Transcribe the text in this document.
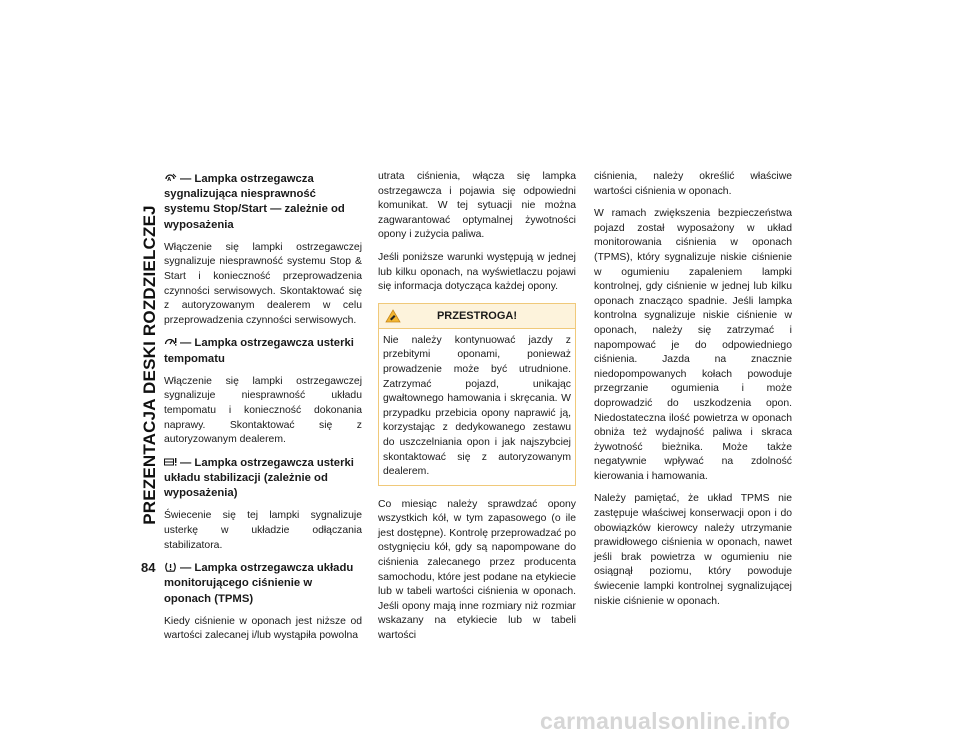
PREZENTACJA DESKI ROZDZIELCZEJ
84
A — Lampka ostrzegawcza sygnalizująca niesprawność systemu Stop/Start — zależnie od wyposażenia

Włączenie się lampki ostrzegawczej sygnalizuje niesprawność systemu Stop & Start i konieczność przeprowadzenia czynności serwisowych. Skontaktować się z autoryzowanym dealerem w celu przeprowadzenia czynności serwisowych.

— Lampka ostrzegawcza usterki tempomatu

Włączenie się lampki ostrzegawczej sygnalizuje niesprawność układu tempomatu i konieczność dokonania naprawy. Skontaktować się z autoryzowanym dealerem.

— Lampka ostrzegawcza usterki układu stabilizacji (zależnie od wyposażenia)

Świecenie się tej lampki sygnalizuje usterkę w układzie odłączania stabilizatora.

— Lampka ostrzegawcza układu monitorującego ciśnienie w oponach (TPMS)

Kiedy ciśnienie w oponach jest niższe od wartości zalecanej i/lub wystąpiła powolna

utrata ciśnienia, włącza się lampka ostrzegawcza i pojawia się odpowiedni komunikat. W tej sytuacji nie można zagwarantować optymalnej żywotności opony i zużycia paliwa.

Jeśli poniższe warunki występują w jednej lub kilku oponach, na wyświetlaczu pojawi się informacja dotycząca każdej opony.

PRZESTROGA!
Nie należy kontynuować jazdy z przebitymi oponami, ponieważ prowadzenie może być utrudnione. Zatrzymać pojazd, unikając gwałtownego hamowania i skręcania. W przypadku przebicia opony naprawić ją, korzystając z dedykowanego zestawu do uszczelniania opon i jak najszybciej skontaktować się z autoryzowanym dealerem.

Co miesiąc należy sprawdzać opony wszystkich kół, w tym zapasowego (o ile jest dostępne). Kontrolę przeprowadzać po ostygnięciu kół, gdy są napompowane do ciśnienia zalecanego przez producenta samochodu, które jest podane na etykiecie lub w tabeli wartości ciśnienia w oponach. Jeśli opony mają inne rozmiary niż rozmiar wskazany na etykiecie lub w tabeli wartości

ciśnienia, należy określić właściwe wartości ciśnienia w oponach.

W ramach zwiększenia bezpieczeństwa pojazd został wyposażony w układ monitorowania ciśnienia w oponach (TPMS), który sygnalizuje niskie ciśnienie w ogumieniu zapaleniem lampki kontrolnej, gdy ciśnienie w jednej lub kilku oponach znacząco spadnie. Jeśli lampka kontrolna sygnalizuje niskie ciśnienie w oponach, należy się zatrzymać i napompować je do odpowiedniego ciśnienia. Jazda na znacznie niedopompowanych kołach powoduje przegrzanie ogumienia i może doprowadzić do uszkodzenia opon. Niedostateczna ilość powietrza w oponach obniża też wydajność paliwa i skraca żywotność bieżnika. Może także negatywnie wpływać na zdolność kierowania i hamowania.

Należy pamiętać, że układ TPMS nie zastępuje właściwej konserwacji opon i do obowiązków kierowcy należy utrzymanie prawidłowego ciśnienia w oponach, nawet jeśli brak powietrza w ogumieniu nie osiągnął poziomu, który powoduje świecenie lampki kontrolnej sygnalizującej niskie ciśnienie w oponach.

carmanualsonline.info
